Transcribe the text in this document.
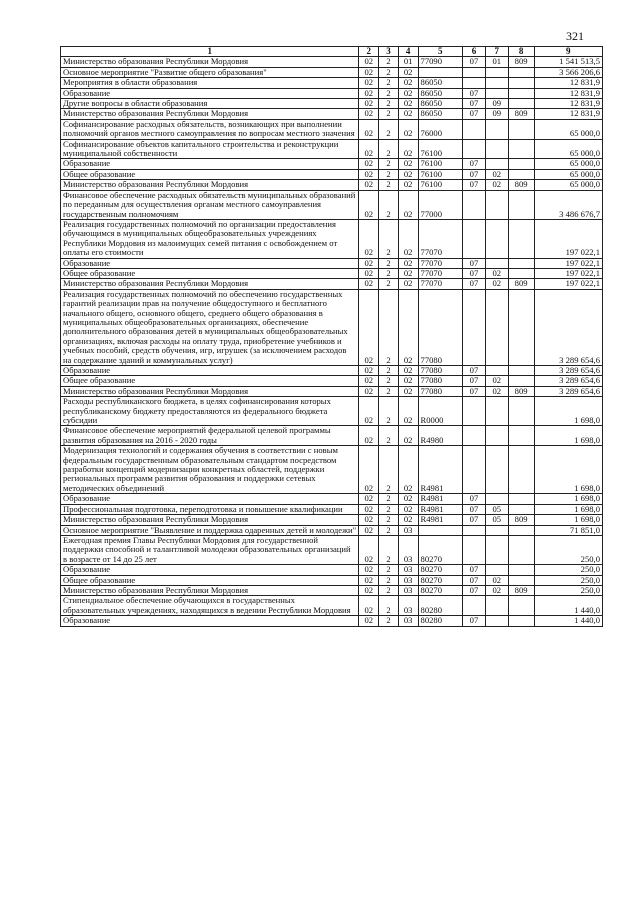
321
1	2	3	4	5	6	7	8	9
Министерство образования Республики Мордовия	02	2	01	77090	07	01	809	1 541 513,5
Основное мероприятие "Развитие общего образования"	02	2	02					3 566 206,6
Мероприятия в области образования	02	2	02	86050				12 831,9
Образование	02	2	02	86050	07			12 831,9
Другие вопросы в области образования	02	2	02	86050	07	09		12 831,9
Министерство образования Республики Мордовия	02	2	02	86050	07	09	809	12 831,9
Софинансирование расходных обязательств, возникающих при выполнении полномочий органов местного самоуправления по вопросам местного значения	02	2	02	76000				65 000,0
Софинансирование объектов капитального строительства и реконструкции муниципальной собственности	02	2	02	76100				65 000,0
Образование	02	2	02	76100	07			65 000,0
Общее образование	02	2	02	76100	07	02		65 000,0
Министерство образования Республики Мордовия	02	2	02	76100	07	02	809	65 000,0
Финансовое обеспечение расходных обязательств муниципальных образований по переданным для осуществления органам местного самоуправления государственным полномочиям	02	2	02	77000				3 486 676,7
Реализация государственных полномочий по организации предоставления обучающимся в муниципальных общеобразовательных учреждениях Республики Мордовия из малоимущих семей питания с освобождением от оплаты его стоимости	02	2	02	77070				197 022,1
Образование	02	2	02	77070	07			197 022,1
Общее образование	02	2	02	77070	07	02		197 022,1
Министерство образования Республики Мордовия	02	2	02	77070	07	02	809	197 022,1
Реализация государственных полномочий по обеспечению государственных гарантий реализации прав на получение общедоступного и бесплатного начального общего, основного общего, среднего общего образования в муниципальных общеобразовательных организациях, обеспечение дополнительного образования детей в муниципальных общеобразовательных организациях, включая расходы на оплату труда, приобретение учебников и учебных пособий, средств обучения, игр, игрушек (за исключением расходов на содержание зданий и коммунальных услуг)	02	2	02	77080				3 289 654,6
Образование	02	2	02	77080	07			3 289 654,6
Общее образование	02	2	02	77080	07	02		3 289 654,6
Министерство образования Республики Мордовия	02	2	02	77080	07	02	809	3 289 654,6
Расходы республиканского бюджета, в целях софинансирования которых республиканскому бюджету предоставляются из федерального бюджета субсидии	02	2	02	R0000				1 698,0
Финансовое обеспечение мероприятий федеральной целевой программы развития образования на 2016 - 2020 годы	02	2	02	R4980				1 698,0
Модернизация технологий и содержания обучения в соответствии с новым федеральным государственным образовательным стандартом посредством разработки концепций модернизации конкретных областей, поддержки региональных программ развития образования и поддержки сетевых методических объединений	02	2	02	R4981				1 698,0
Образование	02	2	02	R4981	07			1 698,0
Профессиональная подготовка, переподготовка и повышение квалификации	02	2	02	R4981	07	05		1 698,0
Министерство образования Республики Мордовия	02	2	02	R4981	07	05	809	1 698,0
Основное мероприятие "Выявление и поддержка одаренных детей и молодежи"	02	2	03					71 851,0
Ежегодная премия Главы Республики Мордовия для государственной поддержки способной и талантливой молодежи образовательных организаций в возрасте от 14 до 25 лет	02	2	03	80270				250,0
Образование	02	2	03	80270	07			250,0
Общее образование	02	2	03	80270	07	02		250,0
Министерство образования Республики Мордовия	02	2	03	80270	07	02	809	250,0
Стипендиальное обеспечение обучающихся в государственных образовательных учреждениях, находящихся в ведении Республики Мордовия	02	2	03	80280				1 440,0
Образование	02	2	03	80280	07			1 440,0
